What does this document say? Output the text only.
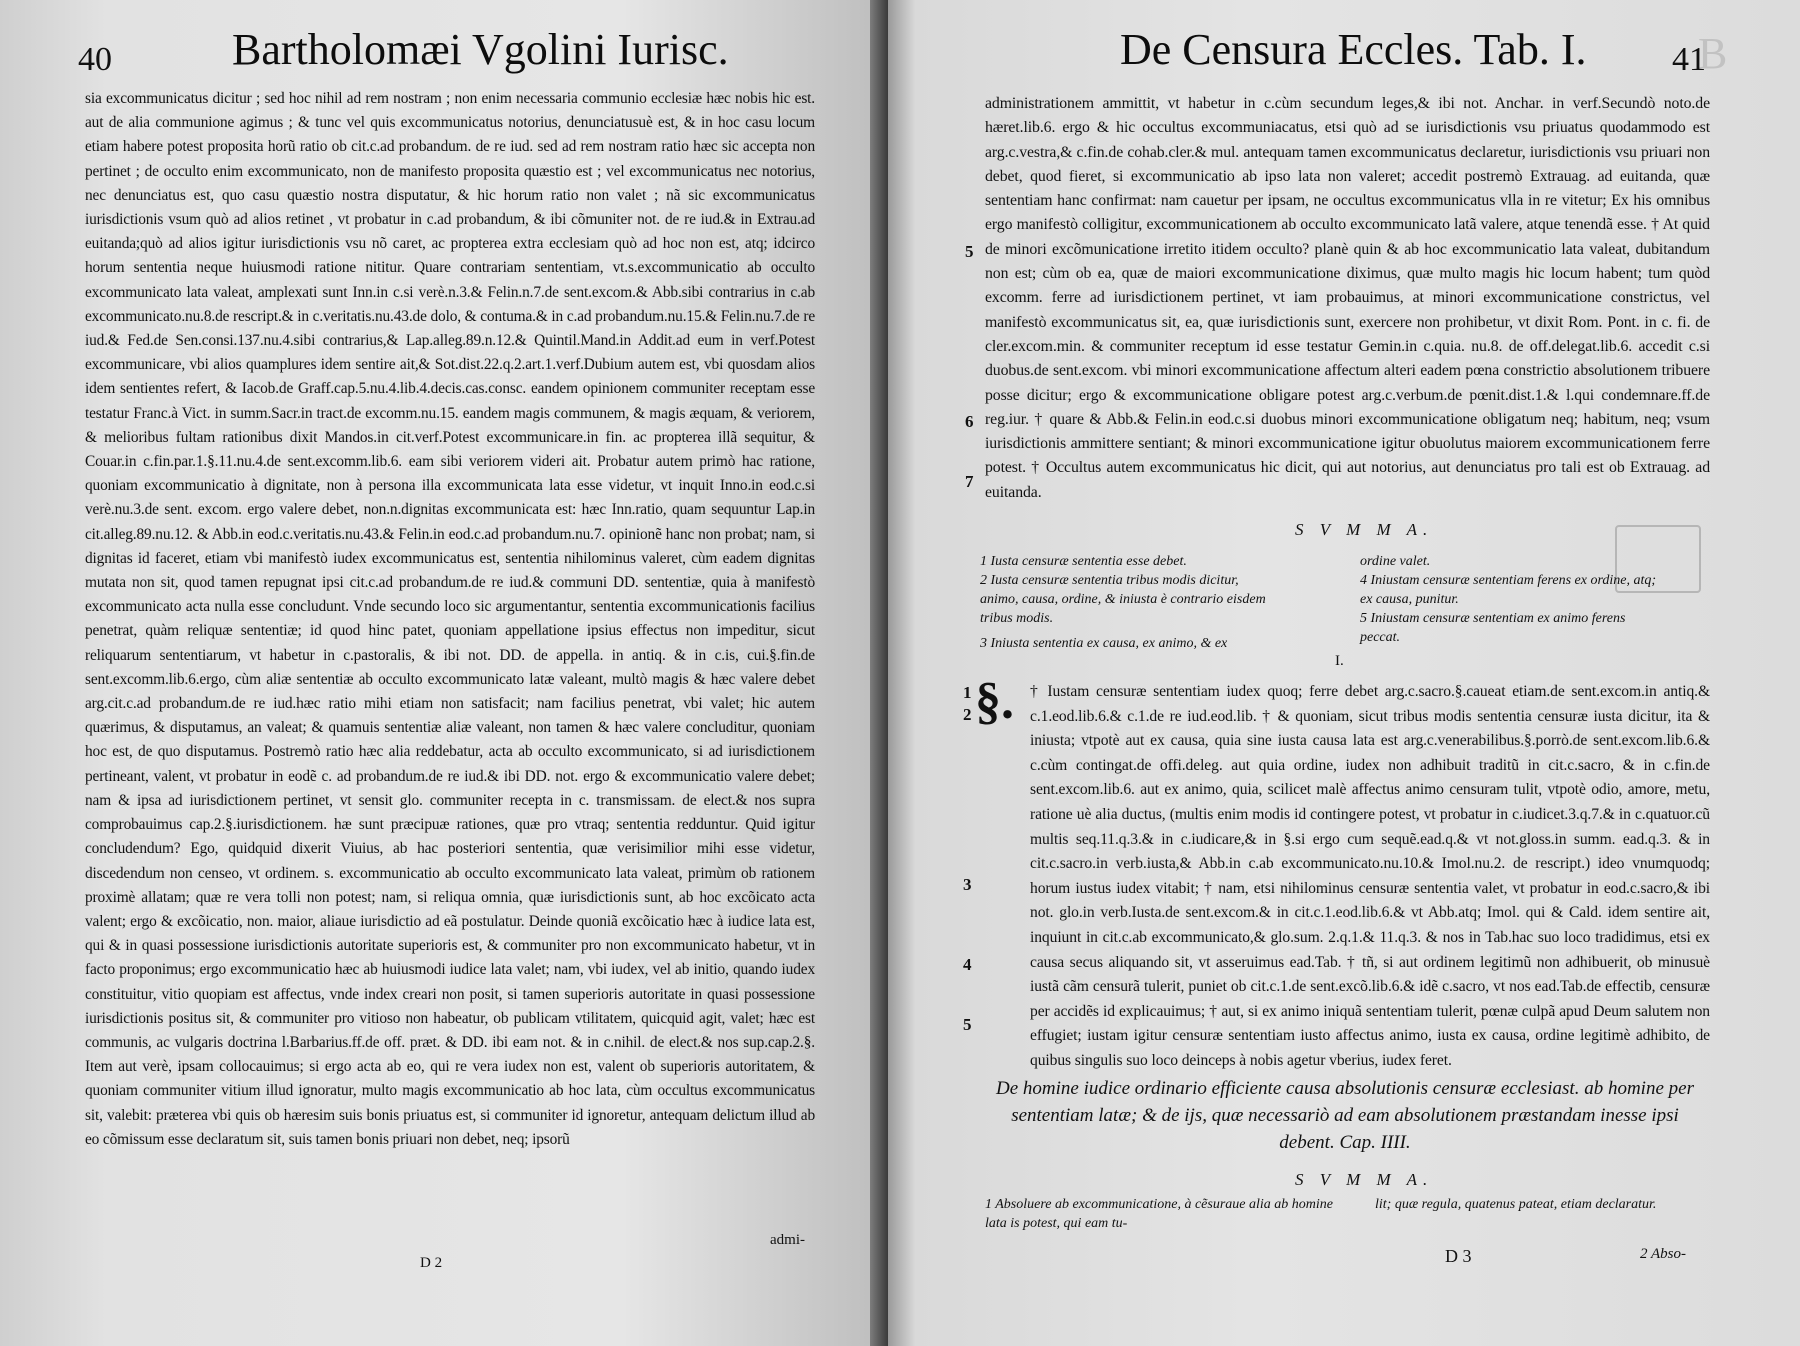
40	Bartholomæi Vgolini Iurisc.

sia excommunicatus dicitur ; sed hoc nihil ad rem nostram ; non enim necessaria communio ecclesiæ hæc nobis hic est. aut de alia communione agimus ; & tunc vel quis excommunicatus notorius, denunciatusuè est, & in hoc casu locum etiam habere potest proposita horũ ratio ob cit.c.ad probandum. de re iud. sed ad rem nostram ratio hæc sic accepta non pertinet ; de occulto enim excommunicato, non de manifesto proposita quæstio est ; vel excommunicatus nec notorius, nec denunciatus est, quo casu quæstio nostra disputatur, & hic horum ratio non valet ; nã sic excommunicatus iurisdictionis vsum quò ad alios retinet , vt probatur in c.ad probandum, & ibi cõmuniter not. de re iud.& in Extrau.ad euitanda;quò ad alios igitur iurisdictionis vsu nõ caret, ac propterea extra ecclesiam quò ad hoc non est, atq; idcirco horum sententia neque huiusmodi ratione nititur. Quare contrariam sententiam, vt.s.excommunicatio ab occulto excommunicato lata valeat, amplexati sunt Inn.in c.si verè.n.3.& Felin.n.7.de sent.excom.& Abb.sibi contrarius in c.ab excommunicato.nu.8.de rescript.& in c.veritatis.nu.43.de dolo, & contuma.& in c.ad probandum.nu.15.& Felin.nu.7.de re iud.& Fed.de Sen.consi.137.nu.4.sibi contrarius,& Lap.alleg.89.n.12.& Quintil.Mand.in Addit.ad eum in verf.Potest excommunicare, vbi alios quamplures idem sentire ait,& Sot.dist.22.q.2.art.1.verf.Dubium autem est, vbi quosdam alios idem sentientes refert, & Iacob.de Graff.cap.5.nu.4.lib.4.decis.cas.consc. eandem opinionem communiter receptam esse testatur Franc.à Vict. in summ.Sacr.in tract.de excomm.nu.15. eandem magis communem, & magis æquam, & veriorem, & melioribus fultam rationibus dixit Mandos.in cit.verf.Potest excommunicare.in fin. ac propterea illã sequitur, & Couar.in c.fin.par.1.§.11.nu.4.de sent.excomm.lib.6. eam sibi veriorem videri ait. Probatur autem primò hac ratione, quoniam excommunicatio à dignitate, non à persona illa excommunicata lata esse videtur, vt inquit Inno.in eod.c.si verè.nu.3.de sent. excom. ergo valere debet, non.n.dignitas excommunicata est: hæc Inn.ratio, quam sequuntur Lap.in cit.alleg.89.nu.12. & Abb.in eod.c.veritatis.nu.43.& Felin.in eod.c.ad probandum.nu.7. opinionẽ hanc non probat; nam, si dignitas id faceret, etiam vbi manifestò iudex excommunicatus est, sententia nihilominus valeret, cùm eadem dignitas mutata non sit, quod tamen repugnat ipsi cit.c.ad probandum.de re iud.& communi DD. sententiæ, quia à manifestò excommunicato acta nulla esse concludunt. Vnde secundo loco sic argumentantur, sententia excommunicationis facilius penetrat, quàm reliquæ sententiæ; id quod hinc patet, quoniam appellatione ipsius effectus non impeditur, sicut reliquarum sententiarum, vt habetur in c.pastoralis, & ibi not. DD. de appella. in antiq. & in c.is, cui.§.fin.de sent.excomm.lib.6.ergo, cùm aliæ sententiæ ab occulto excommunicato latæ valeant, multò magis & hæc valere debet arg.cit.c.ad probandum.de re iud.hæc ratio mihi etiam non satisfacit; nam facilius penetrat, vbi valet; hic autem quærimus, & disputamus, an valeat; & quamuis sententiæ aliæ valeant, non tamen & hæc valere concluditur, quoniam hoc est, de quo disputamus. Postremò ratio hæc alia reddebatur, acta ab occulto excommunicato, si ad iurisdictionem pertineant, valent, vt probatur in eodẽ c. ad probandum.de re iud.& ibi DD. not. ergo & excommunicatio valere debet; nam & ipsa ad iurisdictionem pertinet, vt sensit glo. communiter recepta in c. transmissam. de elect.& nos supra comprobauimus cap.2.§.iurisdictionem. hæ sunt præcipuæ rationes, quæ pro vtraq; sententia redduntur. Quid igitur concludendum? Ego, quidquid dixerit Viuius, ab hac posteriori sententia, quæ verisimilior mihi esse videtur, discedendum non censeo, vt ordinem. s. excommunicatio ab occulto excommunicato lata valeat, primùm ob rationem proximè allatam; quæ re vera tolli non potest; nam, si reliqua omnia, quæ iurisdictionis sunt, ab hoc excõicato acta valent; ergo & excõicatio, non. maior, aliaue iurisdictio ad eã postulatur. Deinde quoniã excõicatio hæc à iudice lata est, qui & in quasi possessione iurisdictionis autoritate superioris est, & communiter pro non excommunicato habetur, vt in facto proponimus; ergo excommunicatio hæc ab huiusmodi iudice lata valet; nam, vbi iudex, vel ab initio, quando iudex constituitur, vitio quopiam est affectus, vnde index creari non posit, si tamen superioris autoritate in quasi possessione iurisdictionis positus sit, & communiter pro vitioso non habeatur, ob publicam vtilitatem, quicquid agit, valet; hæc est communis, ac vulgaris doctrina l.Barbarius.ff.de off. præt. & DD. ibi eam not. & in c.nihil. de elect.& nos sup.cap.2.§. Item aut verè, ipsam collocauimus; si ergo acta ab eo, qui re vera iudex non est, valent ob superioris autoritatem, & quoniam communiter vitium illud ignoratur, multo magis excommunicatio ab hoc lata, cùm occultus excommunicatus sit, valebit: præterea vbi quis ob hæresim suis bonis priuatus est, si communiter id ignoretur, antequam delictum illud ab eo cõmissum esse declaratum sit, suis tamen bonis priuari non debet, neq; ipsorũ

admi-
D 2
B
De Censura Eccles. Tab. I.	41

administrationem ammittit, vt habetur in c.cùm secundum leges,& ibi not. Anchar. in verf.Secundò noto.de hæret.lib.6. ergo & hic occultus excommuniacatus, etsi quò ad se iurisdictionis vsu priuatus quodammodo est arg.c.vestra,& c.fin.de cohab.cler.& mul. antequam tamen excommunicatus declaretur, iurisdictionis vsu priuari non debet, quod fieret, si excommunicatio ab ipso lata non valeret; accedit postremò Extrauag. ad euitanda, quæ sententiam hanc confirmat: nam cauetur per ipsam, ne occultus excommunicatus vlla in re vitetur; Ex his omnibus ergo manifestò colligitur, excommunicationem ab occulto excommunicato latã valere, atque tenendã esse. † At quid de minori excõmunicatione irretito itidem occulto? planè quin & ab hoc excommunicatio lata valeat, dubitandum non est; cùm ob ea, quæ de maiori excommunicatione diximus, quæ multo magis hic locum habent; tum quòd excomm. ferre ad iurisdictionem pertinet, vt iam probauimus, at minori excommunicatione constrictus, vel manifestò excommunicatus sit, ea, quæ iurisdictionis sunt, exercere non prohibetur, vt dixit Rom. Pont. in c. fi. de cler.excom.min. & communiter receptum id esse testatur Gemin.in c.quia. nu.8. de off.delegat.lib.6. accedit c.si duobus.de sent.excom. vbi minori excommunicatione affectum alteri eadem pœna constrictio absolutionem tribuere posse dicitur; ergo & excommunicatione obligare potest arg.c.verbum.de pœnit.dist.1.& l.qui condemnare.ff.de reg.iur. † quare & Abb.& Felin.in eod.c.si duobus minori excommunicatione obligatum neq; habitum, neq; vsum iurisdictionis ammittere sentiant; & minori excommunicatione igitur obuolutus maiorem excommunicationem ferre potest. † Occultus autem excommunicatus hic dicit, qui aut notorius, aut denunciatus pro tali est ob Extrauag. ad euitanda.

5
6
7
S V M M A.
1 Iusta censuræ sententia esse debet.
2 Iusta censuræ sententia tribus modis dicitur, animo, causa, ordine, & iniusta è contrario eisdem tribus modis.
3 Iniusta sententia ex causa, ex animo, & ex
ordine valet.
4 Iniustam censuræ sententiam ferens ex ordine, atq; ex causa, punitur.
5 Iniustam censuræ sententiam ex animo ferens peccat.
I.
§. † Iustam censuræ sententiam iudex quoq; ferre debet arg.c.sacro.§.caueat etiam.de sent.excom.in antiq.& c.1.eod.lib.6.& c.1.de re iud.eod.lib. † & quoniam, sicut tribus modis sententia censuræ iusta dicitur, ita & iniusta; vtpotè aut ex causa, quia sine iusta causa lata est arg.c.venerabilibus.§.porrò.de sent.excom.lib.6.& c.cùm contingat.de offi.deleg. aut quia ordine, iudex non adhibuit traditũ in cit.c.sacro, & in c.fin.de sent.excom.lib.6. aut ex animo, quia, scilicet malè affectus animo censuram tulit, vtpotè odio, amore, metu, ratione uè alia ductus, (multis enim modis id contingere potest, vt probatur in c.iudicet.3.q.7.& in c.quatuor.cũ multis seq.11.q.3.& in c.iudicare,& in §.si ergo cum sequẽ.ead.q.& vt not.gloss.in summ. ead.q.3. & in cit.c.sacro.in verb.iusta,& Abb.in c.ab excommunicato.nu.10.& Imol.nu.2. de rescript.) ideo vnumquodq; horum iustus iudex vitabit; † nam, etsi nihilominus censuræ sententia valet, vt probatur in eod.c.sacro,& ibi not. glo.in verb.Iusta.de sent.excom.& in cit.c.1.eod.lib.6.& vt Abb.atq; Imol. qui & Cald. idem sentire ait, inquiunt in cit.c.ab excommunicato,& glo.sum. 2.q.1.& 11.q.3. & nos in Tab.hac suo loco tradidimus, etsi ex causa secus aliquando sit, vt asseruimus ead.Tab. † tñ, si aut ordinem legitimũ non adhibuerit, ob minusuè iustã cãm censurã tulerit, puniet ob cit.c.1.de sent.excõ.lib.6.& idẽ c.sacro, vt nos ead.Tab.de effectib, censuræ per accidẽs id explicauimus; † aut, si ex animo iniquã sententiam tulerit, pœnæ culpã apud Deum salutem non effugiet; iustam igitur censuræ sententiam iusto affectus animo, iusta ex causa, ordine legitimè adhibito, de quibus singulis suo loco deinceps à nobis agetur vberius, iudex feret.

1
2
3
4
5
De homine iudice ordinario efficiente causa absolutionis censuræ ecclesiast. ab homine per sententiam latæ; & de ijs, quæ necessariò ad eam absolutionem præstandam inesse ipsi debent. Cap. IIII.
S V M M A.
1 Absoluere ab excommunicatione, à cẽsuraue alia ab homine lata is potest, qui eam tu-
lit; quæ regula, quatenus pateat, etiam declaratur.
D 3	2 Abso-
